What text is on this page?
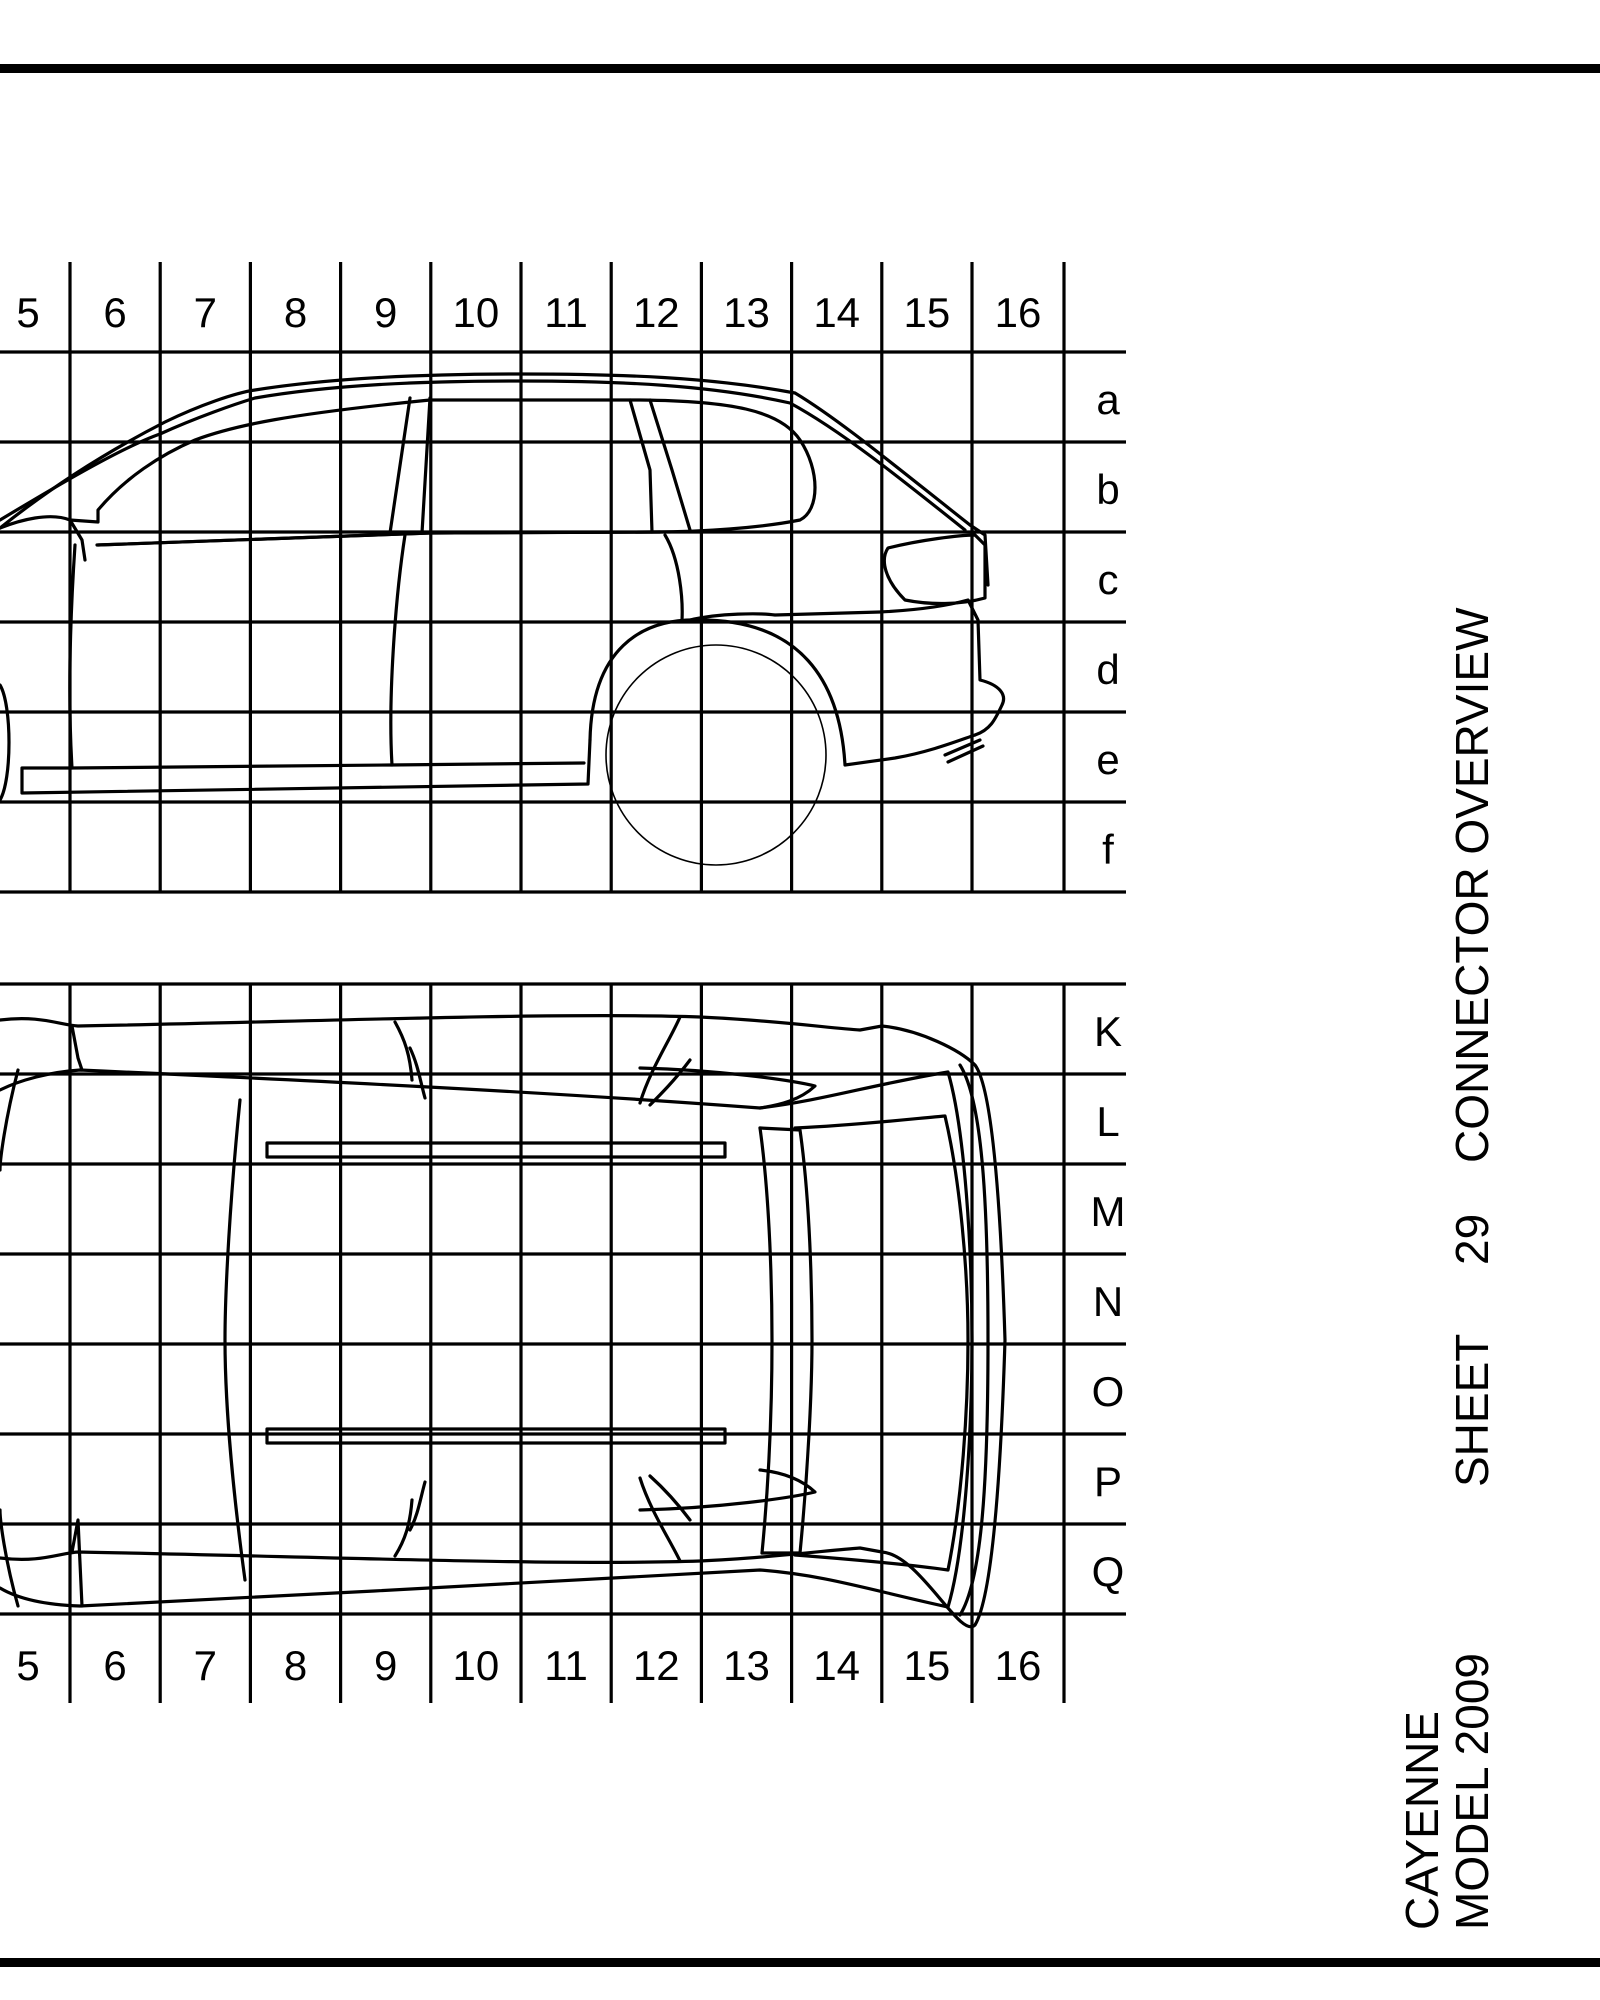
5
5
6
6
7
7
8
8
9
9
10
10
11
11
12
12
13
13
14
14
15
15
16
16
a
b
c
d
e
f
K
L
M
N
O
P
Q
CONNECTOR OVERVIEW
29
SHEET
CAYENNE
MODEL 2009
